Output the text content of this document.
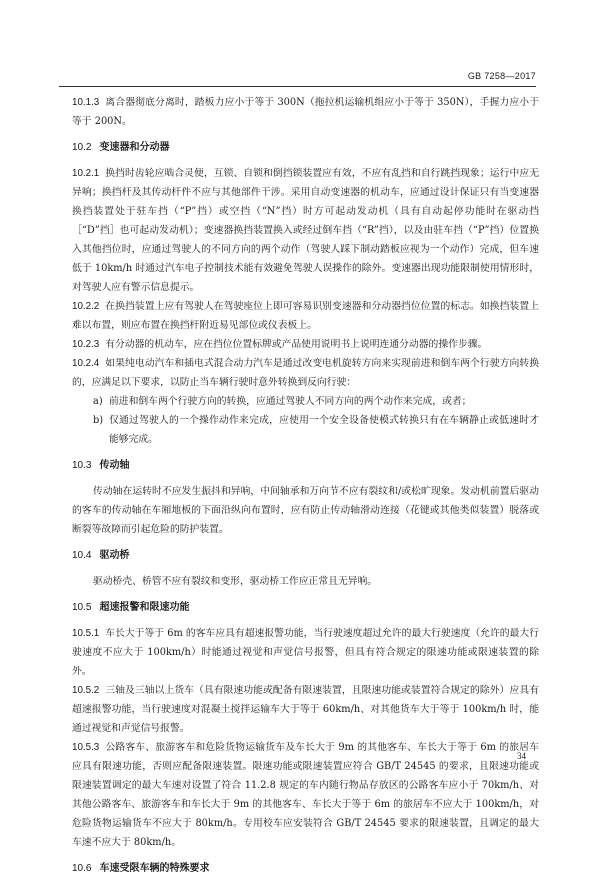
GB 7258—2017

10.1.3 离合器彻底分离时，踏板力应小于等于 300N（拖拉机运输机组应小于等于 350N），手握力应小于等于 200N。

10.2 变速器和分动器

10.2.1 换挡时齿轮应啮合灵便，互锁、自锁和倒挡锁装置应有效，不应有乱挡和自行跳挡现象；运行中应无异响；换挡杆及其传动杆件不应与其他部件干涉。采用自动变速器的机动车，应通过设计保证只有当变速器换挡装置处于驻车挡（“P”挡）或空挡（“N”挡）时方可起动发动机（具有自动起停功能时在驱动挡［“D”挡］也可起动发动机）；变速器换挡装置换入或经过倒车挡（“R”挡），以及由驻车挡（“P”挡）位置换入其他挡位时，应通过驾驶人的不同方向的两个动作（驾驶人踩下制动踏板应视为一个动作）完成，但车速低于 10km/h 时通过汽车电子控制技术能有效避免驾驶人误操作的除外。变速器出现功能限制使用情形时，对驾驶人应有警示信息提示。

10.2.2 在换挡装置上应有驾驶人在驾驶座位上即可容易识别变速器和分动器挡位位置的标志。如换挡装置上难以布置，则应布置在换挡杆附近易见部位或仪表板上。

10.2.3 有分动器的机动车，应在挡位位置标牌或产品使用说明书上说明连通分动器的操作步骤。

10.2.4 如果纯电动汽车和插电式混合动力汽车是通过改变电机旋转方向来实现前进和倒车两个行驶方向转换的，应满足以下要求，以防止当车辆行驶时意外转换到反向行驶：

a) 前进和倒车两个行驶方向的转换，应通过驾驶人不同方向的两个动作来完成，或者；
b) 仅通过驾驶人的一个操作动作来完成，应使用一个安全设备使模式转换只有在车辆静止或低速时才能够完成。
10.3 传动轴

传动轴在运转时不应发生振抖和异响，中间轴承和万向节不应有裂纹和/或松旷现象。发动机前置后驱动的客车的传动轴在车厢地板的下面沿纵向布置时，应有防止传动轴滑动连接（花键或其他类似装置）脱落或断裂等故障而引起危险的防护装置。

10.4 驱动桥

驱动桥壳、桥管不应有裂纹和变形，驱动桥工作应正常且无异响。

10.5 超速报警和限速功能

10.5.1 车长大于等于 6m 的客车应具有超速报警功能，当行驶速度超过允许的最大行驶速度（允许的最大行驶速度不应大于 100km/h）时能通过视觉和声觉信号报警，但具有符合规定的限速功能或限速装置的除外。

10.5.2 三轴及三轴以上货车（具有限速功能或配备有限速装置，且限速功能或装置符合规定的除外）应具有超速报警功能，当行驶速度对混凝土搅拌运输车大于等于 60km/h、对其他货车大于等于 100km/h 时，能通过视觉和声觉信号报警。

10.5.3 公路客车、旅游客车和危险货物运输货车及车长大于 9m 的其他客车、车长大于等于 6m 的旅居车应具有限速功能，否则应配备限速装置。限速功能或限速装置应符合 GB/T 24545 的要求，且限速功能或限速装置调定的最大车速对设置了符合 11.2.8 规定的车内随行物品存放区的公路客车应小于 70km/h、对其他公路客车、旅游客车和车长大于 9m 的其他客车、车长大于等于 6m 的旅居车不应大于 100km/h，对危险货物运输货车不应大于 80km/h。专用校车应安装符合 GB/T 24545 要求的限速装置，且调定的最大车速不应大于 80km/h。

10.6 车速受限车辆的特殊要求
34
